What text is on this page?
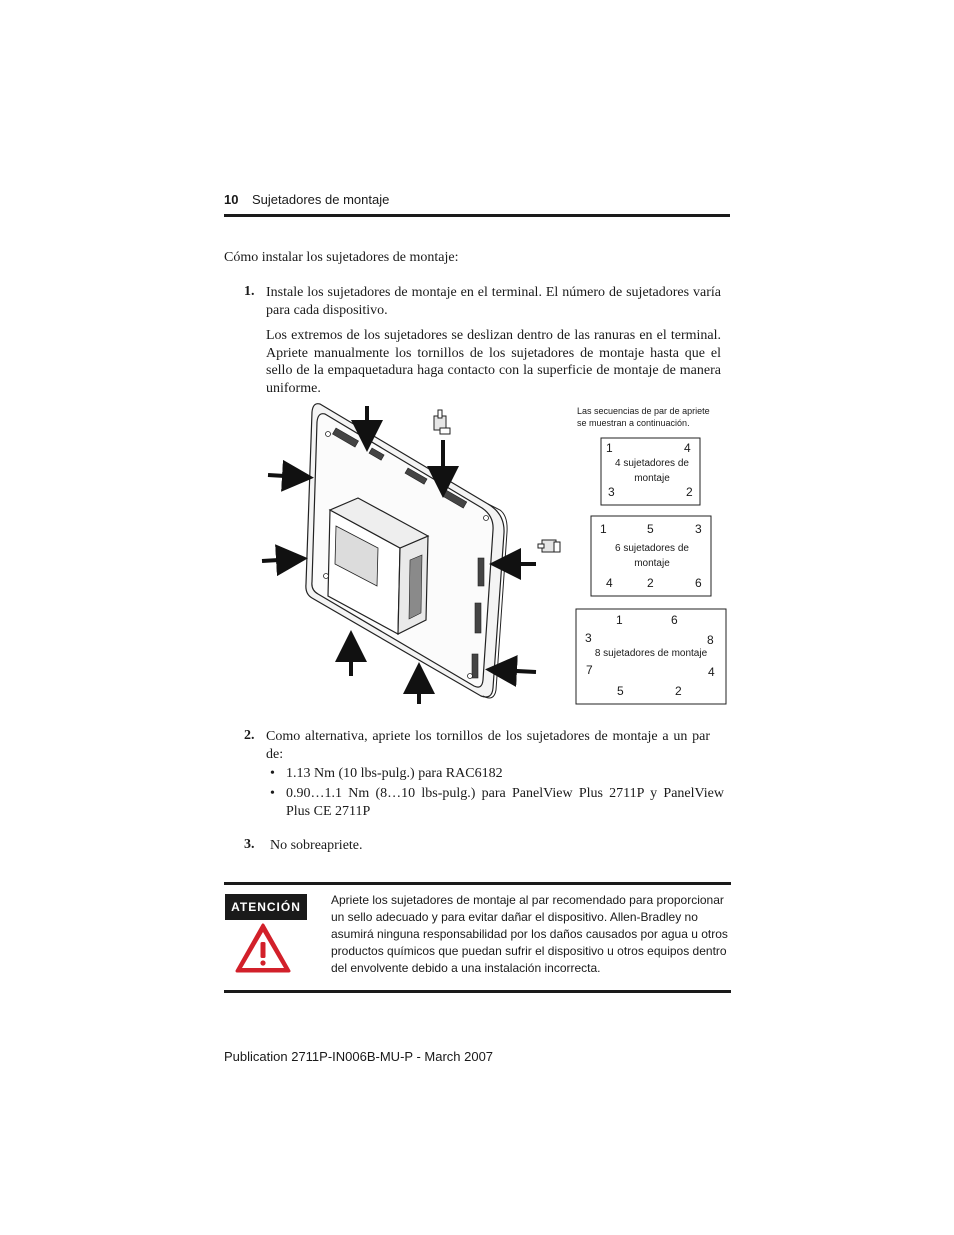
10 Sujetadores de montaje
Cómo instalar los sujetadores de montaje:
1. Instale los sujetadores de montaje en el terminal. El número de sujetadores varía para cada dispositivo.
Los extremos de los sujetadores se deslizan dentro de las ranuras en el terminal. Apriete manualmente los tornillos de los sujetadores de montaje hasta que el sello de la empaquetadura haga contacto con la superficie de montaje de manera uniforme.
Las secuencias de par de apriete
se muestran a continuación.
1	4
3	2
4 sujetadores de
montaje
1	5	3
4	2	6
6 sujetadores de
montaje
1	6
3	8
7	4
5	2
8 sujetadores de montaje
2. Como alternativa, apriete los tornillos de los sujetadores de montaje a un par de:
• 1.13 Nm (10 lbs-pulg.) para RAC6182
• 0.90…1.1 Nm (8…10 lbs-pulg.) para PanelView Plus 2711P y PanelView Plus CE 2711P
3. No sobreapriete.
ATENCIÓN	Apriete los sujetadores de montaje al par recomendado para proporcionar un sello adecuado y para evitar dañar el dispositivo. Allen-Bradley no asumirá ninguna responsabilidad por los daños causados por agua u otros productos químicos que puedan sufrir el dispositivo u otros equipos dentro del envolvente debido a una instalación incorrecta.
Publication 2711P-IN006B-MU-P - March 2007
